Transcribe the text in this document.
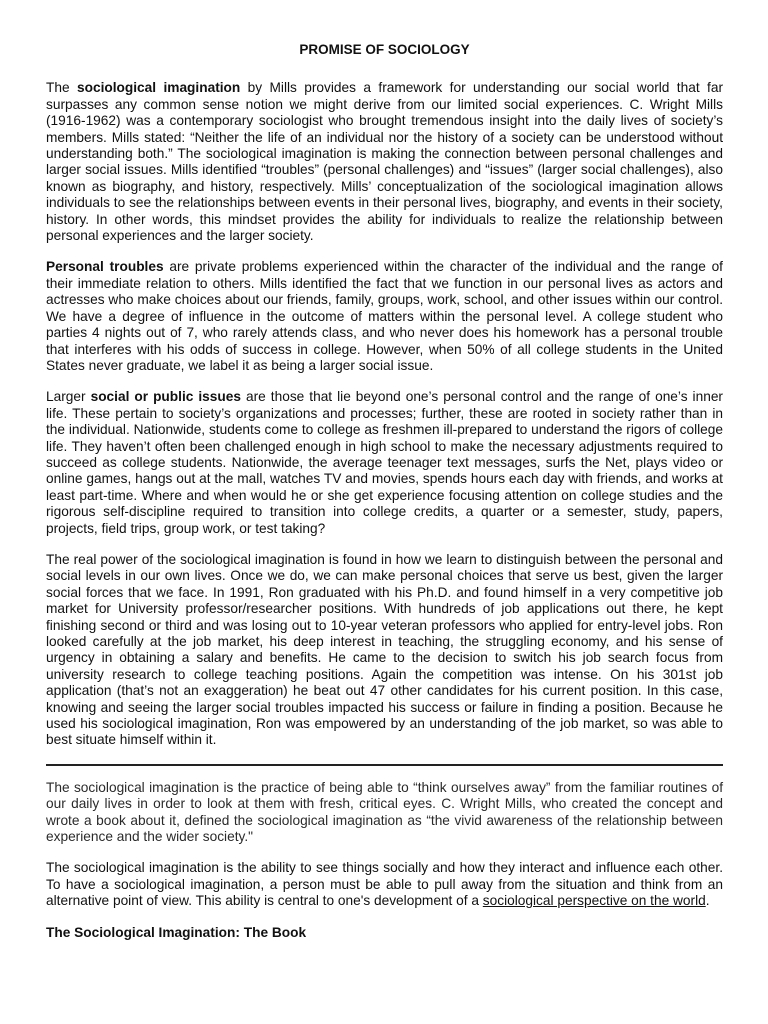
PROMISE OF SOCIOLOGY

The sociological imagination by Mills provides a framework for understanding our social world that far surpasses any common sense notion we might derive from our limited social experiences. C. Wright Mills (1916-1962) was a contemporary sociologist who brought tremendous insight into the daily lives of society’s members. Mills stated: “Neither the life of an individual nor the history of a society can be understood without understanding both.” The sociological imagination is making the connection between personal challenges and larger social issues. Mills identified “troubles” (personal challenges) and “issues” (larger social challenges), also known as biography, and history, respectively. Mills’ conceptualization of the sociological imagination allows individuals to see the relationships between events in their personal lives, biography, and events in their society, history. In other words, this mindset provides the ability for individuals to realize the relationship between personal experiences and the larger society.

Personal troubles are private problems experienced within the character of the individual and the range of their immediate relation to others. Mills identified the fact that we function in our personal lives as actors and actresses who make choices about our friends, family, groups, work, school, and other issues within our control. We have a degree of influence in the outcome of matters within the personal level. A college student who parties 4 nights out of 7, who rarely attends class, and who never does his homework has a personal trouble that interferes with his odds of success in college. However, when 50% of all college students in the United States never graduate, we label it as being a larger social issue.

Larger social or public issues are those that lie beyond one’s personal control and the range of one’s inner life. These pertain to society’s organizations and processes; further, these are rooted in society rather than in the individual. Nationwide, students come to college as freshmen ill-prepared to understand the rigors of college life. They haven’t often been challenged enough in high school to make the necessary adjustments required to succeed as college students. Nationwide, the average teenager text messages, surfs the Net, plays video or online games, hangs out at the mall, watches TV and movies, spends hours each day with friends, and works at least part-time. Where and when would he or she get experience focusing attention on college studies and the rigorous self-discipline required to transition into college credits, a quarter or a semester, study, papers, projects, field trips, group work, or test taking?

The real power of the sociological imagination is found in how we learn to distinguish between the personal and social levels in our own lives. Once we do, we can make personal choices that serve us best, given the larger social forces that we face. In 1991, Ron graduated with his Ph.D. and found himself in a very competitive job market for University professor/researcher positions. With hundreds of job applications out there, he kept finishing second or third and was losing out to 10-year veteran professors who applied for entry-level jobs. Ron looked carefully at the job market, his deep interest in teaching, the struggling economy, and his sense of urgency in obtaining a salary and benefits. He came to the decision to switch his job search focus from university research to college teaching positions. Again the competition was intense. On his 301st job application (that’s not an exaggeration) he beat out 47 other candidates for his current position. In this case, knowing and seeing the larger social troubles impacted his success or failure in finding a position. Because he used his sociological imagination, Ron was empowered by an understanding of the job market, so was able to best situate himself within it.

The sociological imagination is the practice of being able to “think ourselves away” from the familiar routines of our daily lives in order to look at them with fresh, critical eyes. C. Wright Mills, who created the concept and wrote a book about it, defined the sociological imagination as “the vivid awareness of the relationship between experience and the wider society."

The sociological imagination is the ability to see things socially and how they interact and influence each other. To have a sociological imagination, a person must be able to pull away from the situation and think from an alternative point of view. This ability is central to one's development of a sociological perspective on the world.

The Sociological Imagination: The Book
